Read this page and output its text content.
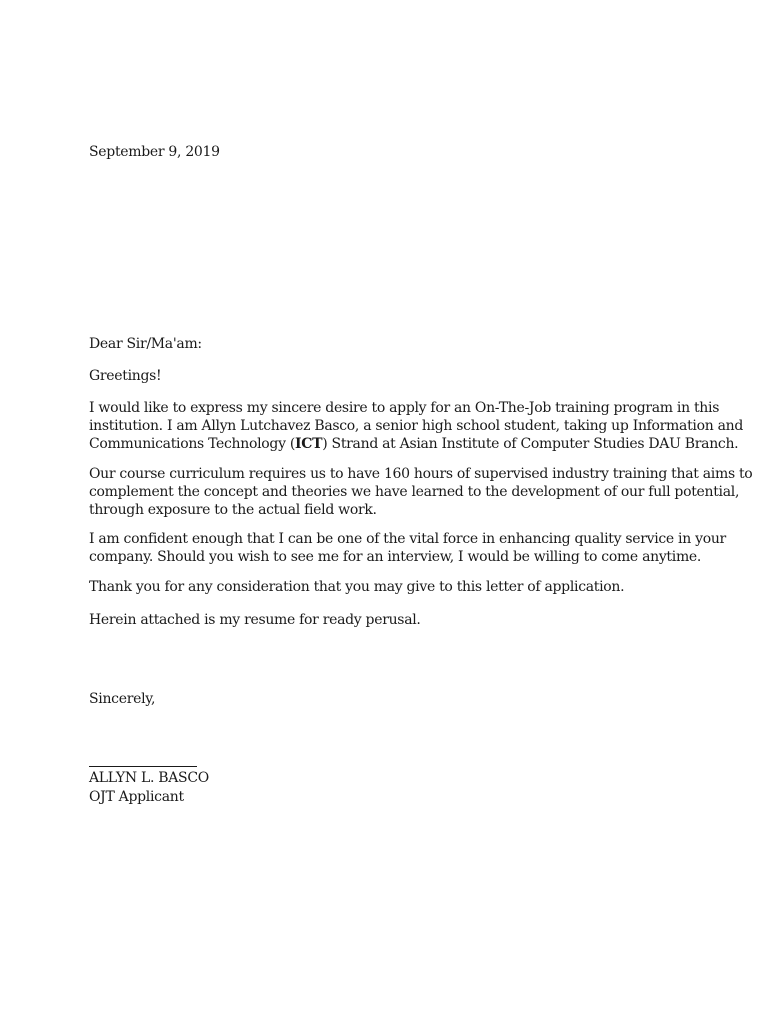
September 9, 2019

Dear Sir/Ma'am:

Greetings!

I would like to express my sincere desire to apply for an On-The-Job training program in this
institution. I am Allyn Lutchavez Basco, a senior high school student, taking up Information and
Communications Technology (ICT) Strand at Asian Institute of Computer Studies DAU Branch.
Our course curriculum requires us to have 160 hours of supervised industry training that aims to
complement the concept and theories we have learned to the development of our full potential,
through exposure to the actual field work.
I am confident enough that I can be one of the vital force in enhancing quality service in your
company. Should you wish to see me for an interview, I would be willing to come anytime.

Thank you for any consideration that you may give to this letter of application.

Herein attached is my resume for ready perusal.

Sincerely,

ALLYN L. BASCO

OJT Applicant
